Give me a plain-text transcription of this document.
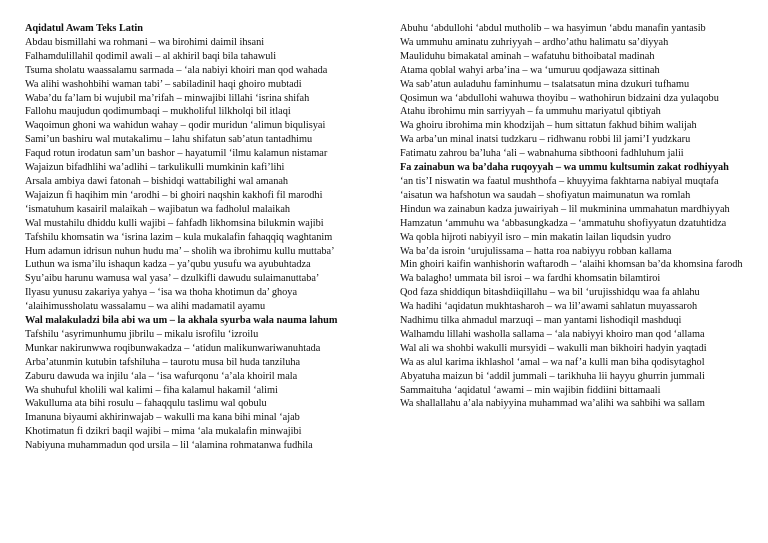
Aqidatul Awam Teks Latin
Abdau bismillahi wa rohmani – wa birohimi daimil ihsani
Falhamdulillahil qodimil awali – al akhiril baqi bila tahawuli
Tsuma sholatu waassalamu sarmada – ‘ala nabiyi khoiri man qod wahada
Wa alihi washohbihi waman tabi’ – sabiladinil haqi ghoiro mubtadi
Waba’du fa’lam bi wujubil ma’rifah – minwajibi lillahi ‘isrina shifah
Fallohu maujudun qodimumbaqi – mukholiful lilkholqi bil itlaqi
Waqoimun ghoni wa wahidun wahay – qodir muridun ‘alimun biqulisyai
Sami’un bashiru wal mutakalimu – lahu shifatun sab’atun tantadhimu
Faqud rotun irodatun sam’un bashor – hayatumil ‘ilmu kalamun nistamar
Wajaizun bifadhlihi wa’adlihi – tarkulikulli mumkinin kafi’lihi
Arsala ambiya dawi fatonah – bishidqi wattabilighi wal amanah
Wajaizun fi haqihim min ‘arodhi – bi ghoiri naqshin kakhofi fil marodhi
‘ismatuhum kasairil malaikah – wajibatun wa fadholul malaikah
Wal mustahilu dhiddu kulli wajibi – fahfadh likhomsina bilukmin wajibi
Tafshilu khomsatin wa ‘isrina lazim – kula mukalafin fahaqqiq waghtanim
Hum adamun idrisun nuhun hudu ma’ – sholih wa ibrohimu kullu muttaba’
Luthun wa isma’ilu ishaqun kadza – ya’qubu yusufu wa ayubuhtadza
Syu’aibu harunu wamusa wal yasa’ – dzulkifli dawudu sulaimanuttaba’
Ilyasu yunusu zakariya yahya – ‘isa wa thoha khotimun da’ ghoya
‘alaihimussholatu wassalamu – wa alihi madamatil ayamu
Wal malakuladzi bila abi wa um – la akhala syurba wala nauma lahum
Tafshilu ‘asyrimunhumu jibrilu – mikalu isrofilu ‘izroilu
Munkar nakirunwwa roqibunwakadza – ‘atidun malikunwariwanuhtada
Arba’atunmin kutubin tafshiluha – taurotu musa bil huda tanziluha
Zaburu dawuda wa injilu ‘ala – ‘isa wafurqonu ‘a’ala khoiril mala
Wa shuhuful kholili wal kalimi – fiha kalamul hakamil ‘alimi
Wakulluma ata bihi rosulu – fahaqqulu taslimu wal qobulu
Imanuna biyaumi akhirinwajab – wakulli ma kana bihi minal ‘ajab
Khotimatun fi dzikri baqil wajibi – mima ‘ala mukalafin minwajibi
Nabiyuna muhammadun qod ursila – lil ‘alamina rohmatanwa fudhila
Abuhu ‘abdullohi ‘abdul mutholib – wa hasyimun ‘abdu manafin yantasib
Wa ummuhu aminatu zuhriyyah – ardho’athu halimatu sa’diyyah
Mauliduhu bimakatal aminah – wafatuhu bithoibatal madinah
Atama qoblal wahyi arba’ina – wa ‘umuruu qodjawaza sittinah
Wa sab’atun auladuhu faminhumu – tsalatsatun mina dzukuri tufhamu
Qosimun wa ‘abdullohi wahuwa thoyibu – wathohirun bidzaini dza yulaqobu
Atahu ibrohimu min sarriyyah – fa ummuhu mariyatul qibtiyah
Wa ghoiru ibrohima min khodzijah – hum sittatun fakhud bihim walijah
Wa arba’un minal inatsi tudzkaru – ridhwanu robbi lil jami’I yudzkaru
Fatimatu zahrou ba’luha ‘ali – wabnahuma sibthooni fadhluhum jalii
Fa zainabun wa ba’daha ruqoyyah – wa ummu kultsumin zakat rodhiyyah
‘an tis’I niswatin wa faatul mushthofa – khuyyima fakhtarna nabiyal muqtafa
‘aisatun wa hafshotun wa saudah – shofiyatun maimunatun wa romlah
Hindun wa zainabun kadza juwairiyah – lil mukminina ummahatun mardhiyyah
Hamzatun ‘ammuhu wa ‘abbasungkadza – ‘ammatuhu shofiyyatun dzatuhtidza
Wa qobla hijroti nabiyyil isro – min makatin lailan liqudsin yudro
Wa ba’da isroin ‘urujulissama – hatta roa nabiyyu robban kallama
Min ghoiri kaifin wanhishorin waftarodh – ‘alaihi khomsan ba’da khomsina farodh
Wa balagho! ummata bil isroi – wa fardhi khomsatin bilamtiroi
Qod faza shiddiqun bitashdiiqillahu – wa bil ‘urujisshidqu waa fa ahlahu
Wa hadihi ‘aqidatun mukhtasharoh – wa lil’awami sahlatun muyassaroh
Nadhimu tilka ahmadul marzuqi – man yantami lishodiqil mashduqi
Walhamdu lillahi washolla sallama – ‘ala nabiyyi khoiro man qod ‘allama
Wal ali wa shohbi wakulli mursyidi – wakulli man bikhoiri hadyin yaqtadi
Wa as alul karima ikhlashol ‘amal – wa naf’a kulli man biha qodisytaghol
Abyatuha maizun bi ‘addil jummali – tarikhuha lii hayyu ghurrin jummali
Sammaituha ‘aqidatul ‘awami – min wajibin fiddiini bittamaali
Wa shallallahu a’ala nabiyyina muhammad wa’alihi wa sahbihi wa sallam
